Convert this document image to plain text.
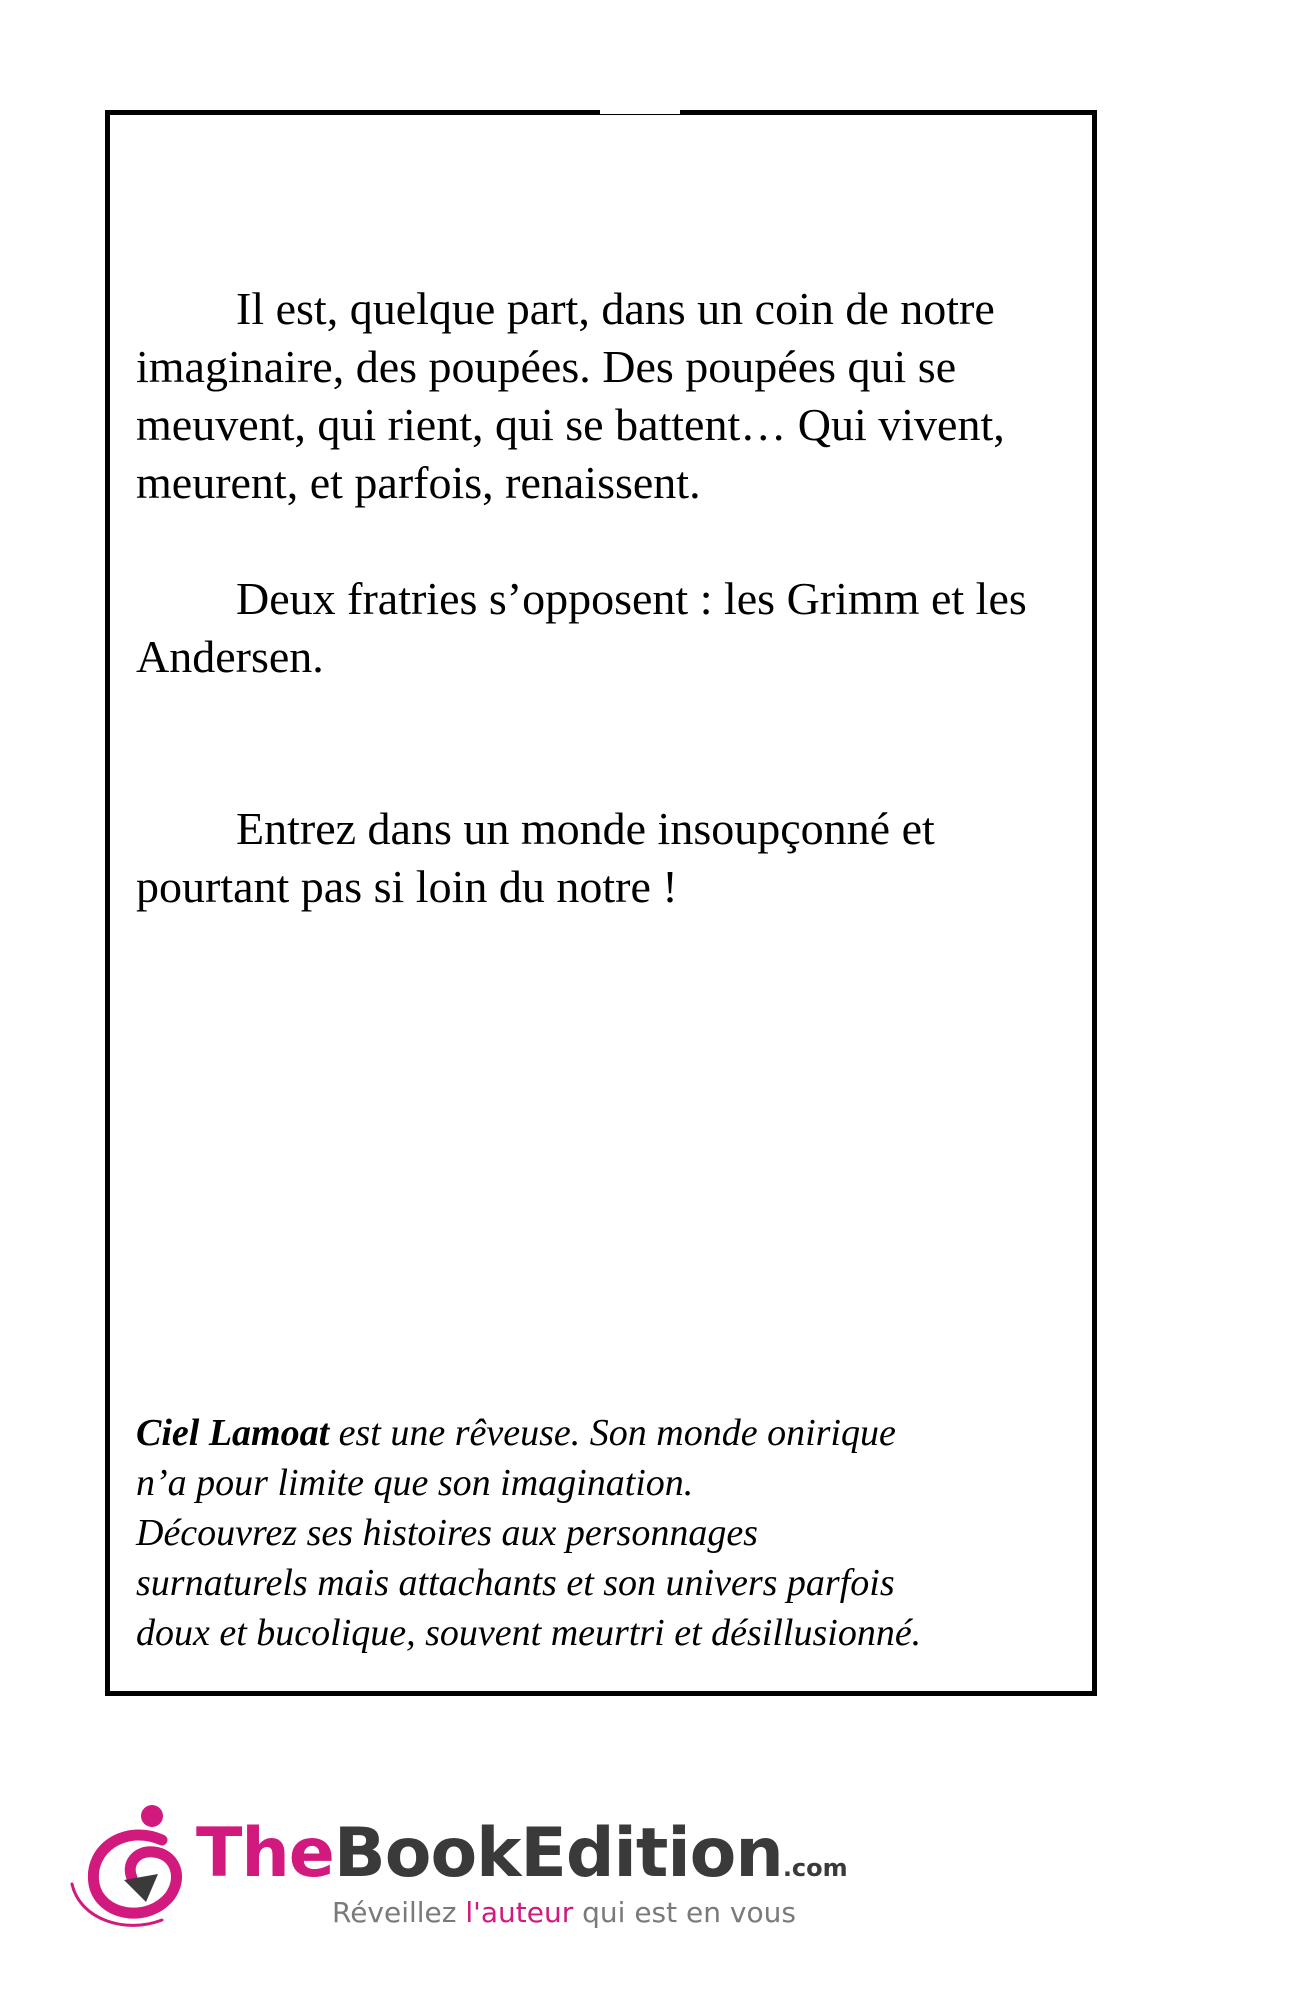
Il est, quelque part, dans un coin de notre imaginaire, des poupées. Des poupées qui se meuvent, qui rient, qui se battent… Qui vivent, meurent, et parfois, renaissent.

Deux fratries s’opposent : les Grimm et les Andersen.

Entrez dans un monde insoupçonné et pourtant pas si loin du notre !

Ciel Lamoat est une rêveuse. Son monde onirique
n’a pour limite que son imagination.
Découvrez ses histoires aux personnages
surnaturels mais attachants et son univers parfois
doux et bucolique, souvent meurtri et désillusionné.
TheBookEdition.com
Réveillez l'auteur qui est en vous
